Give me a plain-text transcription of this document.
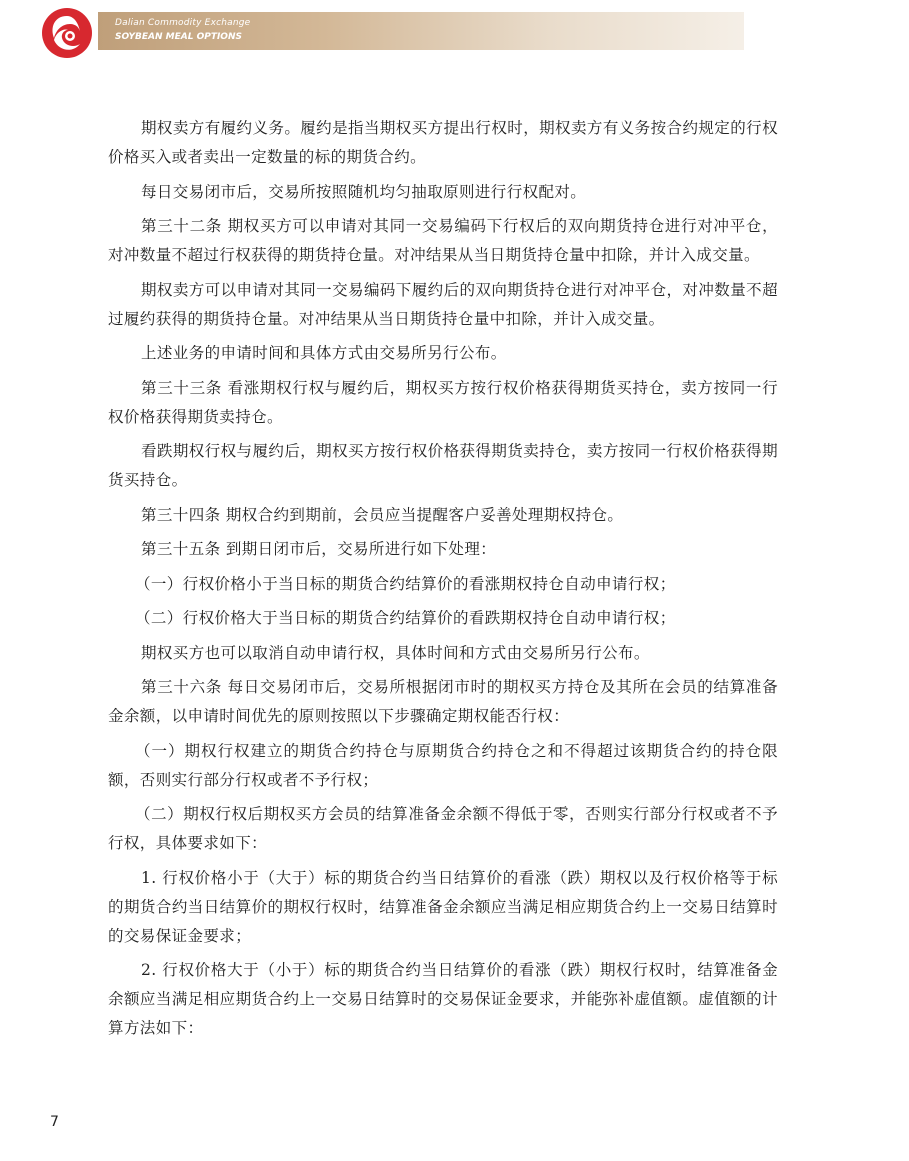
Dalian Commodity Exchange
SOYBEAN MEAL OPTIONS

期权卖方有履约义务。履约是指当期权买方提出行权时，期权卖方有义务按合约规定的行权价格买入或者卖出一定数量的标的期货合约。

每日交易闭市后，交易所按照随机均匀抽取原则进行行权配对。

第三十二条 期权买方可以申请对其同一交易编码下行权后的双向期货持仓进行对冲平仓，对冲数量不超过行权获得的期货持仓量。对冲结果从当日期货持仓量中扣除，并计入成交量。

期权卖方可以申请对其同一交易编码下履约后的双向期货持仓进行对冲平仓，对冲数量不超过履约获得的期货持仓量。对冲结果从当日期货持仓量中扣除，并计入成交量。

上述业务的申请时间和具体方式由交易所另行公布。

第三十三条 看涨期权行权与履约后，期权买方按行权价格获得期货买持仓，卖方按同一行权价格获得期货卖持仓。

看跌期权行权与履约后，期权买方按行权价格获得期货卖持仓，卖方按同一行权价格获得期货买持仓。

第三十四条 期权合约到期前，会员应当提醒客户妥善处理期权持仓。

第三十五条 到期日闭市后，交易所进行如下处理：

（一）行权价格小于当日标的期货合约结算价的看涨期权持仓自动申请行权；

（二）行权价格大于当日标的期货合约结算价的看跌期权持仓自动申请行权；

期权买方也可以取消自动申请行权，具体时间和方式由交易所另行公布。

第三十六条 每日交易闭市后，交易所根据闭市时的期权买方持仓及其所在会员的结算准备金余额，以申请时间优先的原则按照以下步骤确定期权能否行权：

（一）期权行权建立的期货合约持仓与原期货合约持仓之和不得超过该期货合约的持仓限额，否则实行部分行权或者不予行权；

（二）期权行权后期权买方会员的结算准备金余额不得低于零，否则实行部分行权或者不予行权，具体要求如下：

1. 行权价格小于（大于）标的期货合约当日结算价的看涨（跌）期权以及行权价格等于标的期货合约当日结算价的期权行权时，结算准备金余额应当满足相应期货合约上一交易日结算时的交易保证金要求；

2. 行权价格大于（小于）标的期货合约当日结算价的看涨（跌）期权行权时，结算准备金余额应当满足相应期货合约上一交易日结算时的交易保证金要求，并能弥补虚值额。虚值额的计算方法如下：

7
